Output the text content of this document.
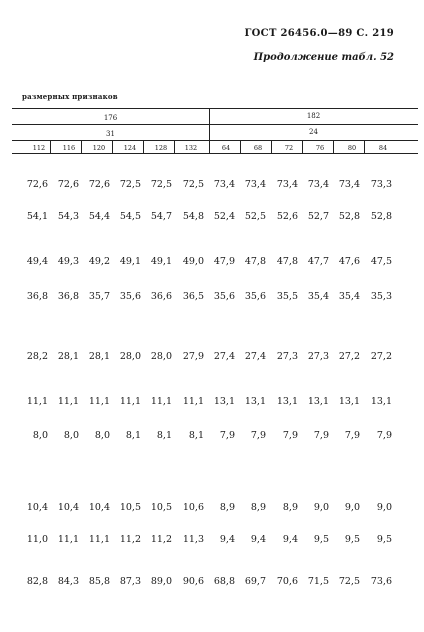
ГОСТ 26456.0—89 С. 219
Продолжение табл. 52
размерных признаков
176	182
31	24
112	116	120	124	128	132	64	68	72	76	80	84
72,6	72,6	72,6	72,5	72,5	72,5	73,4	73,4	73,4	73,4	73,4	73,3
54,1	54,3	54,4	54,5	54,7	54,8	52,4	52,5	52,6	52,7	52,8	52,8
49,4	49,3	49,2	49,1	49,1	49,0	47,9	47,8	47,8	47,7	47,6	47,5
36,8	36,8	35,7	35,6	36,6	36,5	35,6	35,6	35,5	35,4	35,4	35,3
28,2	28,1	28,1	28,0	28,0	27,9	27,4	27,4	27,3	27,3	27,2	27,2
11,1	11,1	11,1	11,1	11,1	11,1	13,1	13,1	13,1	13,1	13,1	13,1
8,0	8,0	8,0	8,1	8,1	8,1	7,9	7,9	7,9	7,9	7,9	7,9
10,4	10,4	10,4	10,5	10,5	10,6	8,9	8,9	8,9	9,0	9,0	9,0
11,0	11,1	11,1	11,2	11,2	11,3	9,4	9,4	9,4	9,5	9,5	9,5
82,8	84,3	85,8	87,3	89,0	90,6	68,8	69,7	70,6	71,5	72,5	73,6
